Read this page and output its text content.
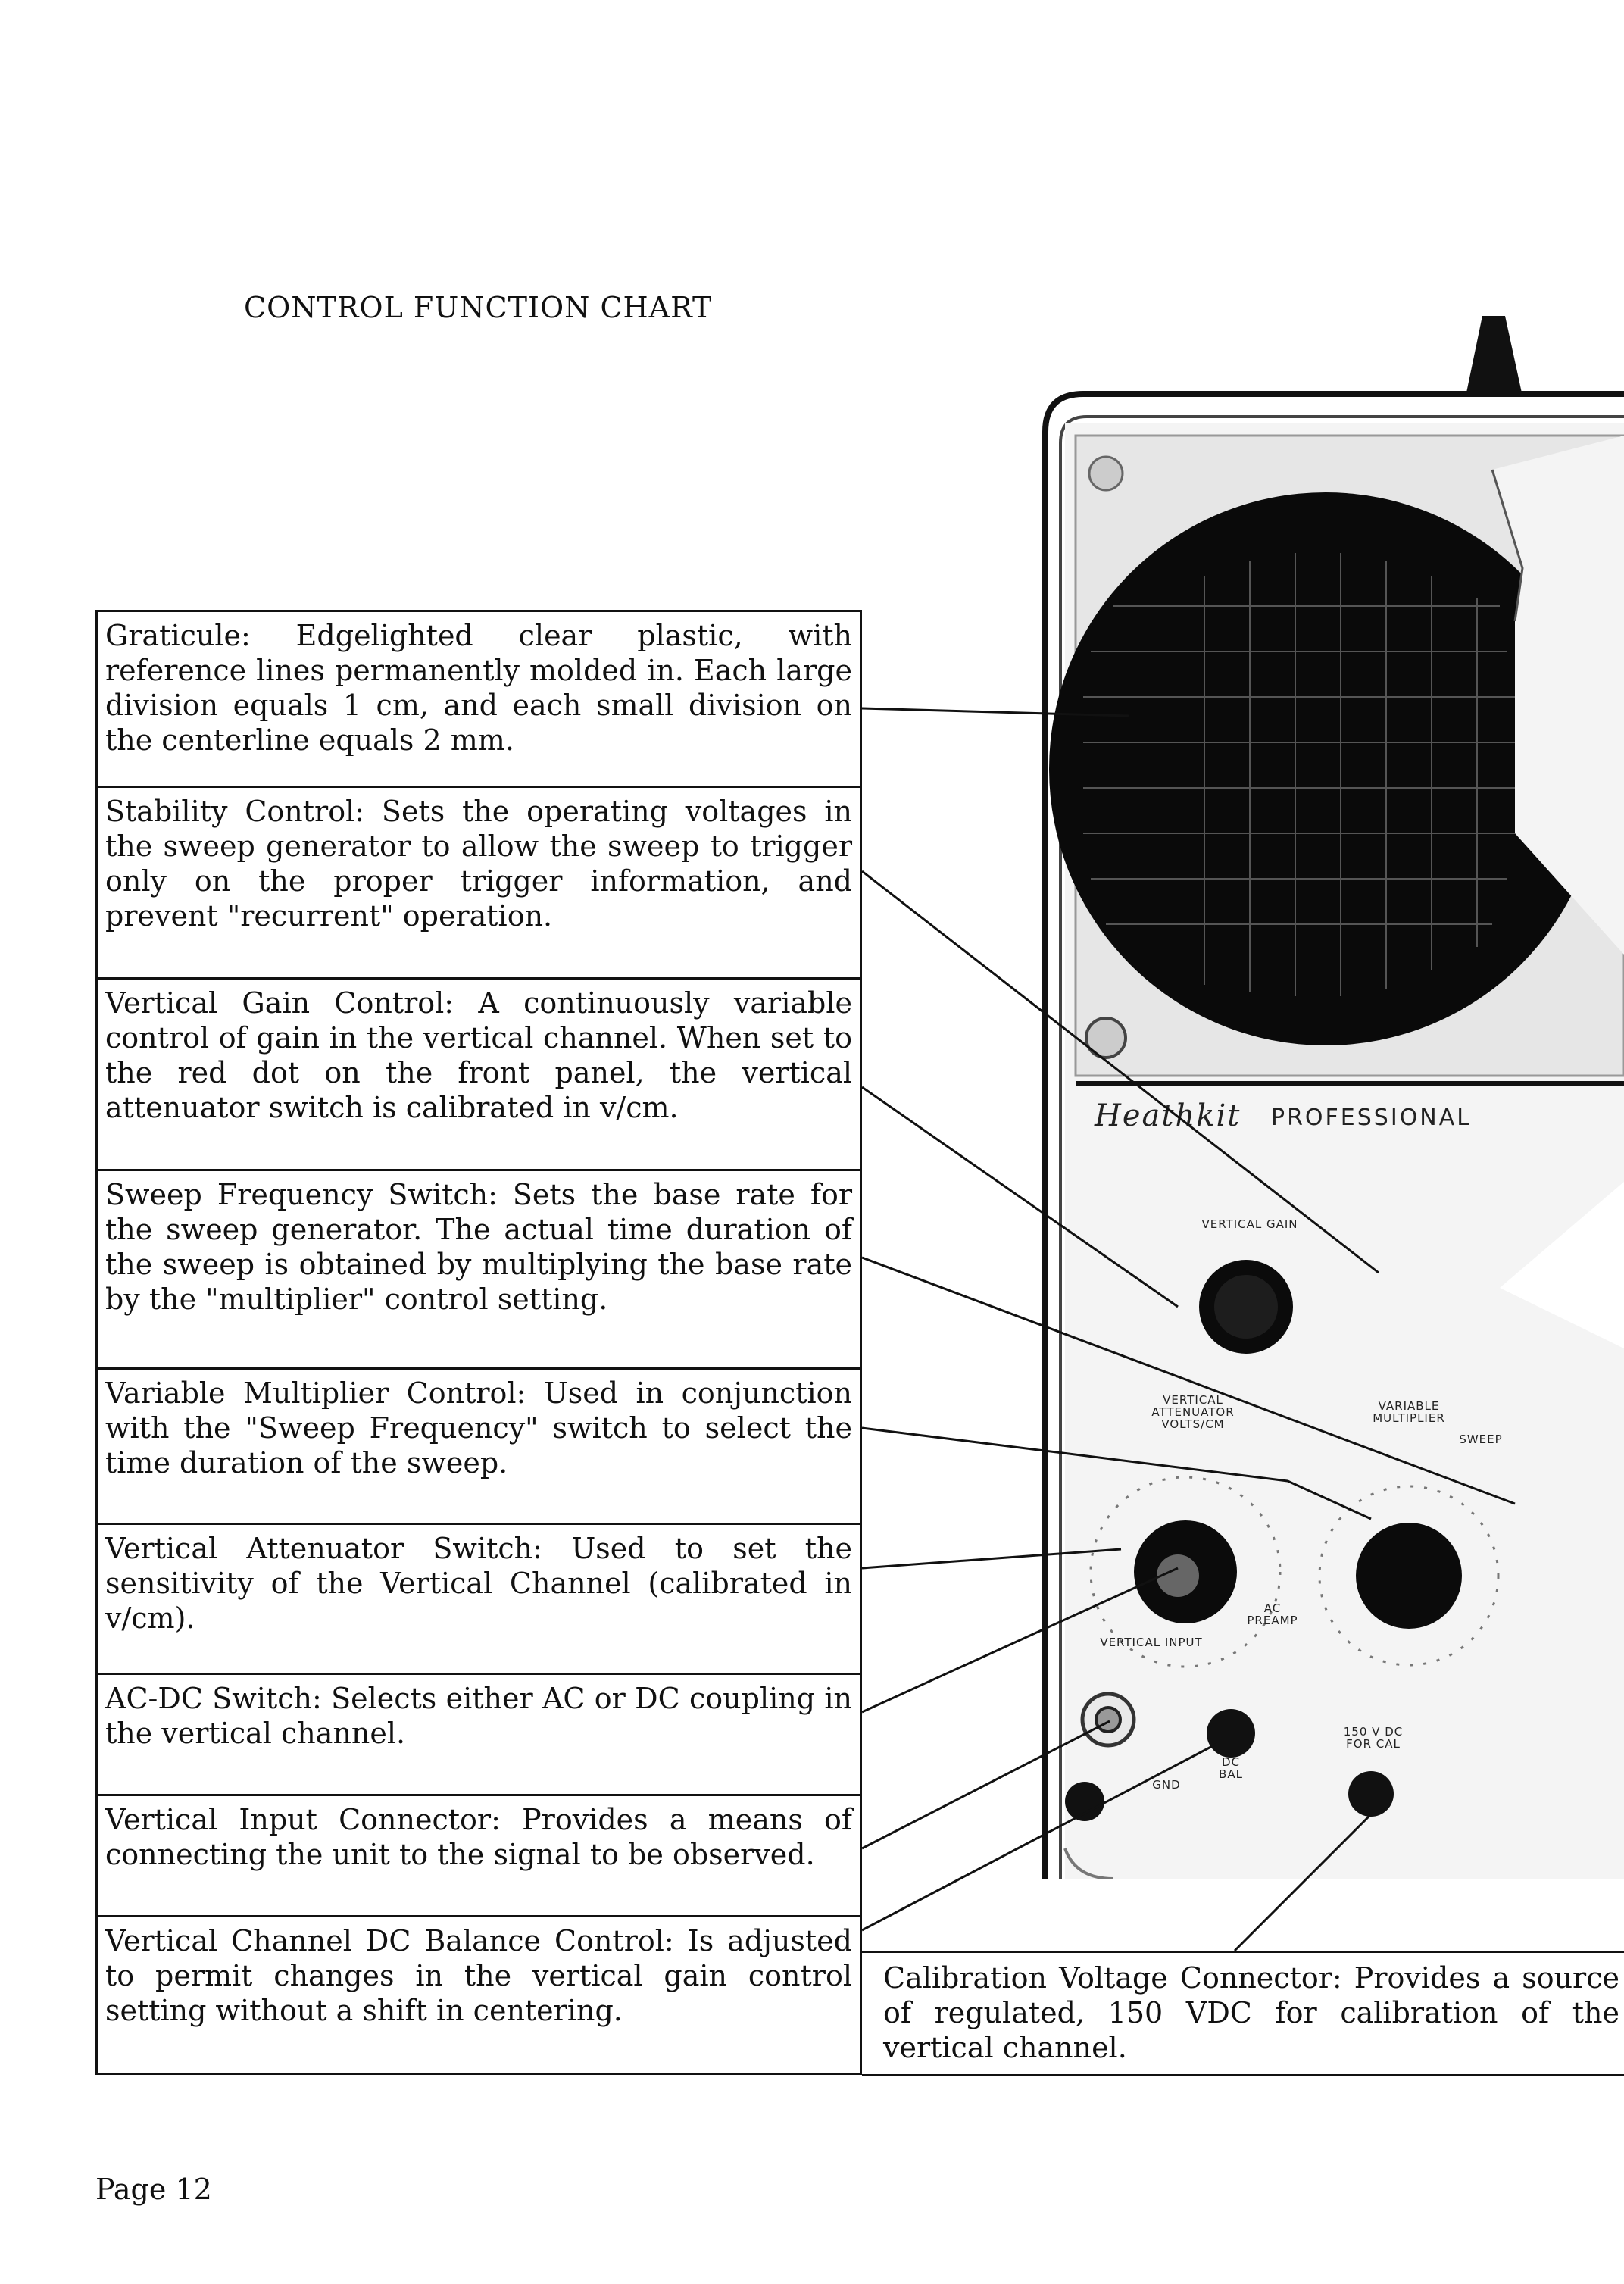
CONTROL FUNCTION CHART
Heathkit PROFESSIONAL
VERTICAL GAIN
VERTICAL ATTENUATOR VOLTS/CM
VARIABLE MULTIPLIER
SWEEP
AC PREAMP
VERTICAL INPUT
GND
DC BAL
150 V DC FOR CAL
Graticule: Edgelighted clear plastic, with reference lines permanently molded in. Each large division equals 1 cm, and each small division on the centerline equals 2 mm.
Stability Control: Sets the operating voltages in the sweep generator to allow the sweep to trigger only on the proper trigger information, and prevent "recurrent" operation.
Vertical Gain Control: A continuously variable control of gain in the vertical channel. When set to the red dot on the front panel, the vertical attenuator switch is calibrated in v/cm.
Sweep Frequency Switch: Sets the base rate for the sweep generator. The actual time duration of the sweep is obtained by multiplying the base rate by the "multiplier" control setting.
Variable Multiplier Control: Used in conjunction with the "Sweep Frequency" switch to select the time duration of the sweep.
Vertical Attenuator Switch: Used to set the sensitivity of the Vertical Channel (calibrated in v/cm).
AC-DC Switch: Selects either AC or DC coupling in the vertical channel.
Vertical Input Connector: Provides a means of connecting the unit to the signal to be observed.
Vertical Channel DC Balance Control: Is adjusted to permit changes in the vertical gain control setting without a shift in centering.
Calibration Voltage Connector: Provides a source of regulated, 150 VDC for calibration of the vertical channel.
Page 12
